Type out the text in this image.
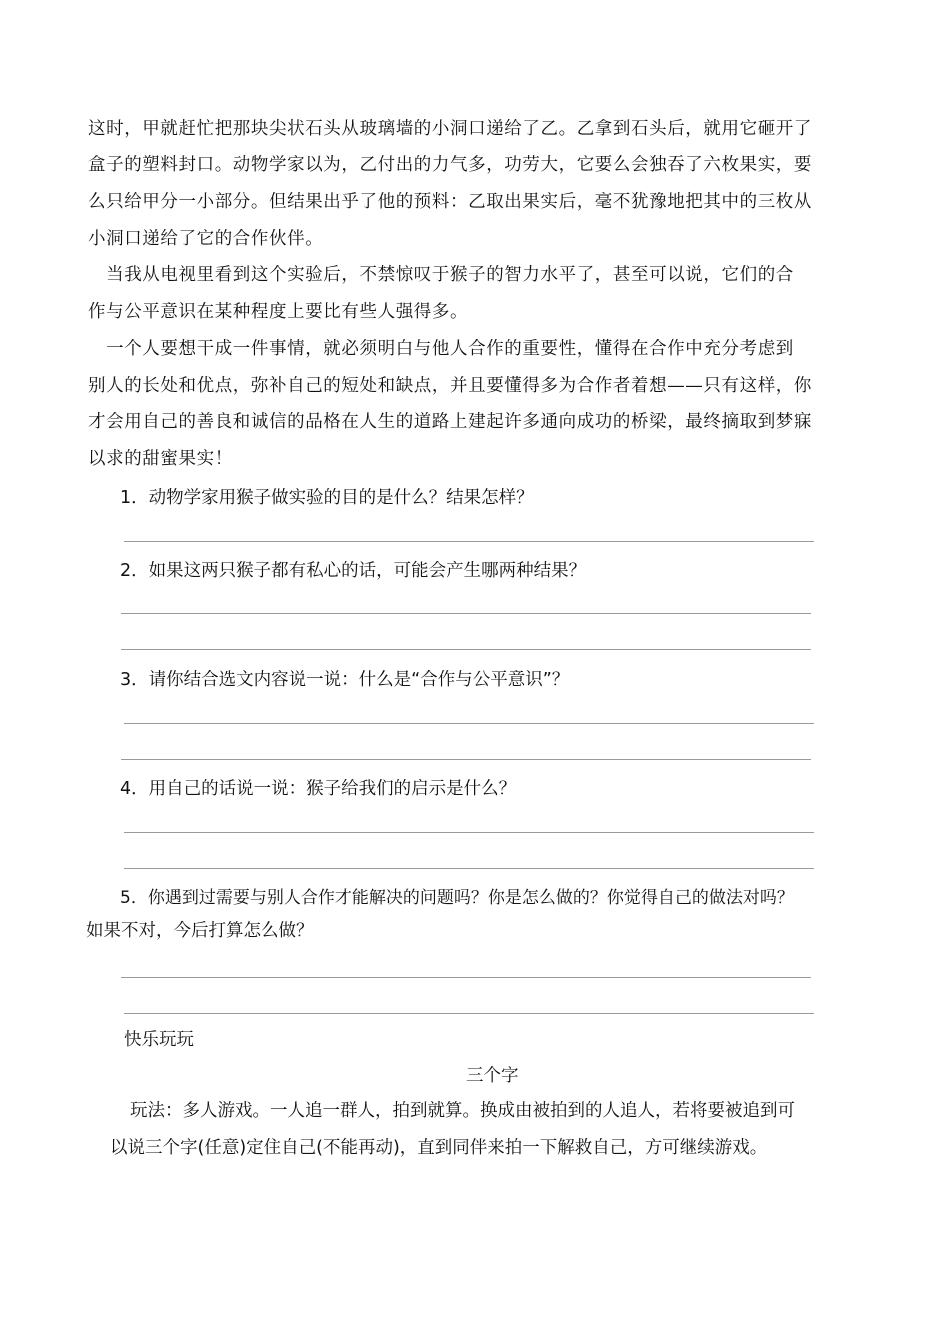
这时，甲就赶忙把那块尖状石头从玻璃墙的小洞口递给了乙。乙拿到石头后，就用它砸开了
盒子的塑料封口。动物学家以为，乙付出的力气多，功劳大，它要么会独吞了六枚果实，要
么只给甲分一小部分。但结果出乎了他的预料：乙取出果实后，毫不犹豫地把其中的三枚从
小洞口递给了它的合作伙伴。
　当我从电视里看到这个实验后，不禁惊叹于猴子的智力水平了，甚至可以说，它们的合
作与公平意识在某种程度上要比有些人强得多。
　一个人要想干成一件事情，就必须明白与他人合作的重要性，懂得在合作中充分考虑到
别人的长处和优点，弥补自己的短处和缺点，并且要懂得多为合作者着想——只有这样，你
才会用自己的善良和诚信的品格在人生的道路上建起许多通向成功的桥梁，最终摘取到梦寐
以求的甜蜜果实！
1．动物学家用猴子做实验的目的是什么？结果怎样？
2．如果这两只猴子都有私心的话，可能会产生哪两种结果？
3．请你结合选文内容说一说：什么是“合作与公平意识”？
4．用自己的话说一说：猴子给我们的启示是什么？
5．你遇到过需要与别人合作才能解决的问题吗？你是怎么做的？你觉得自己的做法对吗？
如果不对，今后打算怎么做？
快乐玩玩
三个字
玩法：多人游戏。一人追一群人，拍到就算。换成由被拍到的人追人，若将要被追到可
以说三个字(任意)定住自己(不能再动)，直到同伴来拍一下解救自己，方可继续游戏。
